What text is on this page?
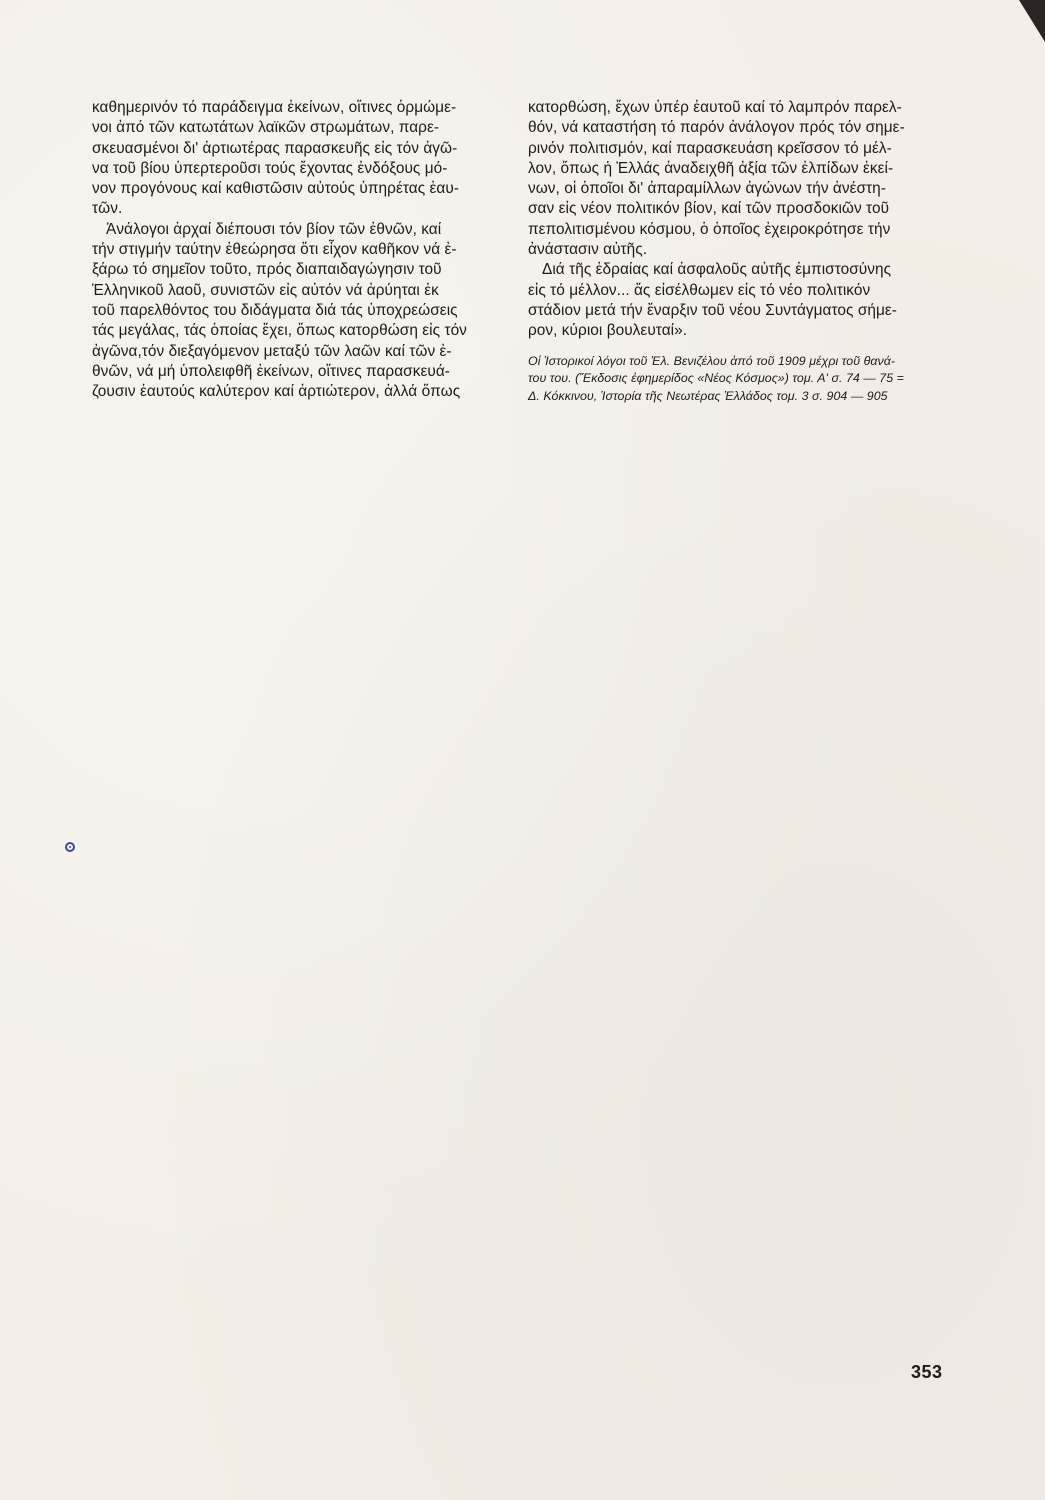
καθημερινόν τό παράδειγμα ἐκείνων, οἵτινες ὁρμώμε-
νοι ἀπό τῶν κατωτάτων λαϊκῶν στρωμάτων, παρε-
σκευασμένοι δι' ἀρτιωτέρας παρασκευῆς εἰς τόν ἀγῶ-
να τοῦ βίου ὑπερτεροῦσι τούς ἔχοντας ἐνδόξους μό-
νον προγόνους καί καθιστῶσιν αὐτούς ὑπηρέτας ἑαυ-
τῶν.

Ἀνάλογοι ἀρχαί διέπουσι τόν βίον τῶν ἐθνῶν, καί
τήν στιγμήν ταύτην ἐθεώρησα ὅτι εἶχον καθῆκον νά ἐ-
ξάρω τό σημεῖον τοῦτο, πρός διαπαιδαγώγησιν τοῦ
Ἑλληνικοῦ λαοῦ, συνιστῶν εἰς αὐτόν νά ἀρύηται ἐκ
τοῦ παρελθόντος του διδάγματα διά τάς ὑποχρεώσεις
τάς μεγάλας, τάς ὁποίας ἔχει, ὅπως κατορθώση εἰς τόν
ἀγῶνα,τόν διεξαγόμενον μεταξύ τῶν λαῶν καί τῶν ἐ-
θνῶν, νά μή ὑπολειφθῆ ἐκείνων, οἵτινες παρασκευά-
ζουσιν ἑαυτούς καλύτερον καί ἀρτιώτερον, ἀλλά ὅπως

κατορθώση, ἔχων ὑπέρ ἑαυτοῦ καί τό λαμπρόν παρελ-
θόν, νά καταστήση τό παρόν ἀνάλογον πρός τόν σημε-
ρινόν πολιτισμόν, καί παρασκευάση κρεῖσσον τό μέλ-
λον, ὅπως ἡ Ἑλλάς ἀναδειχθῆ ἀξία τῶν ἐλπίδων ἐκεί-
νων, οἱ ὁποῖοι δι' ἀπαραμίλλων ἀγώνων τήν ἀνέστη-
σαν εἰς νέον πολιτικόν βίον, καί τῶν προσδοκιῶν τοῦ
πεπολιτισμένου κόσμου, ὁ ὁποῖος ἐχειροκρότησε τήν
ἀνάστασιν αὐτῆς.

Διά τῆς ἑδραίας καί ἀσφαλοῦς αὐτῆς ἐμπιστοσύνης
εἰς τό μέλλον... ἄς εἰσέλθωμεν εἰς τό νέο πολιτικόν
στάδιον μετά τήν ἔναρξιν τοῦ νέου Συντάγματος σήμε-
ρον, κύριοι βουλευταί».

Οἱ Ἱστορικοί λόγοι τοῦ Ἐλ. Βενιζέλου ἀπό τοῦ 1909 μέχρι τοῦ θανά-
του του. (Ἔκδοσις ἐφημερίδος «Νέος Κόσμος») τομ. Α' σ. 74 — 75 =
Δ. Κόκκινου, Ἱστορία τῆς Νεωτέρας Ἑλλάδος τομ. 3 σ. 904 — 905

353
